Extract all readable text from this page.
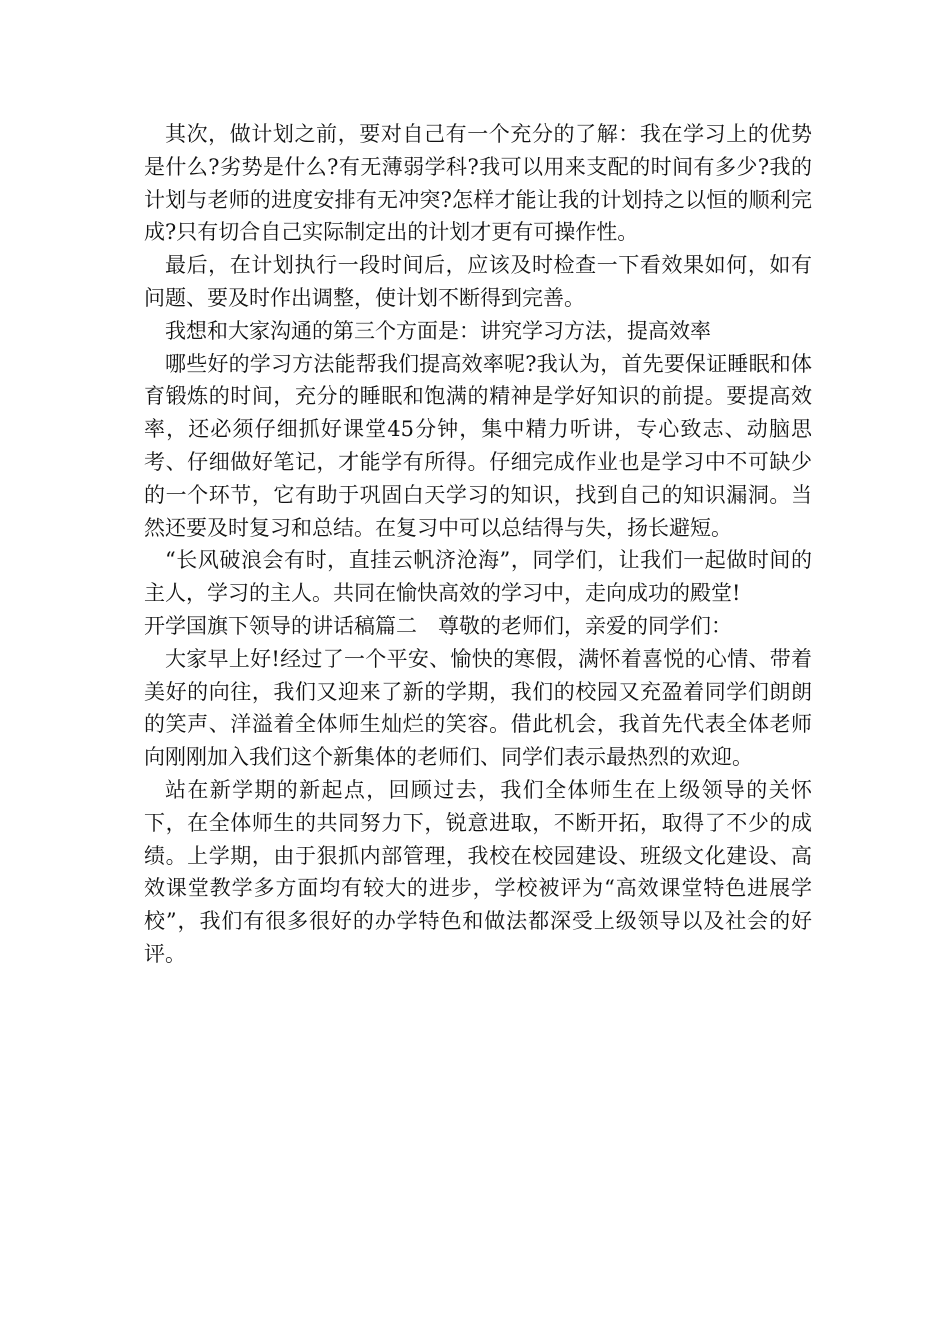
其次，做计划之前，要对自己有一个充分的了解：我在学习上的优势是什么?劣势是什么?有无薄弱学科?我可以用来支配的时间有多少?我的计划与老师的进度安排有无冲突?怎样才能让我的计划持之以恒的顺利完成?只有切合自己实际制定出的计划才更有可操作性。

最后，在计划执行一段时间后，应该及时检查一下看效果如何，如有问题、要及时作出调整，使计划不断得到完善。

我想和大家沟通的第三个方面是：讲究学习方法，提高效率

哪些好的学习方法能帮我们提高效率呢?我认为，首先要保证睡眠和体育锻炼的时间，充分的睡眠和饱满的精神是学好知识的前提。要提高效率，还必须仔细抓好课堂45分钟，集中精力听讲，专心致志、动脑思考、仔细做好笔记，才能学有所得。仔细完成作业也是学习中不可缺少的一个环节，它有助于巩固白天学习的知识，找到自己的知识漏洞。当然还要及时复习和总结。在复习中可以总结得与失，扬长避短。

“长风破浪会有时，直挂云帆济沧海”，同学们，让我们一起做时间的主人，学习的主人。共同在愉快高效的学习中，走向成功的殿堂!

开学国旗下领导的讲话稿篇二　尊敬的老师们，亲爱的同学们：

大家早上好!经过了一个平安、愉快的寒假，满怀着喜悦的心情、带着美好的向往，我们又迎来了新的学期，我们的校园又充盈着同学们朗朗的笑声、洋溢着全体师生灿烂的笑容。借此机会，我首先代表全体老师向刚刚加入我们这个新集体的老师们、同学们表示最热烈的欢迎。

站在新学期的新起点，回顾过去，我们全体师生在上级领导的关怀下，在全体师生的共同努力下，锐意进取，不断开拓，取得了不少的成绩。上学期，由于狠抓内部管理，我校在校园建设、班级文化建设、高效课堂教学多方面均有较大的进步，学校被评为“高效课堂特色进展学校”，我们有很多很好的办学特色和做法都深受上级领导以及社会的好评。
